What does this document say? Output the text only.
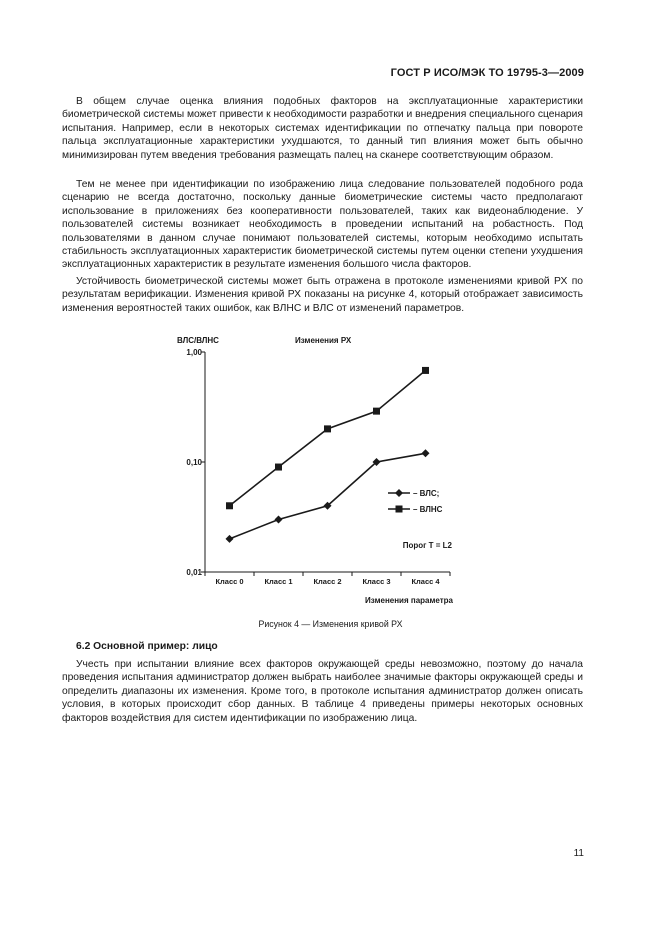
ГОСТ Р ИСО/МЭК ТО 19795-3—2009

В общем случае оценка влияния подобных факторов на эксплуатационные характеристики биометрической системы может привести к необходимости разработки и внедрения специального сценария испытания. Например, если в некоторых системах идентификации по отпечатку пальца при повороте пальца эксплуатационные характеристики ухудшаются, то данный тип влияния может быть обычно минимизирован путем введения требования размещать палец на сканере соответствующим образом.

Тем не менее при идентификации по изображению лица следование пользователей подобного рода сценарию не всегда достаточно, поскольку данные биометрические системы часто предполагают использование в приложениях без кооперативности пользователей, таких как видеонаблюдение. У пользователей системы возникает необходимость в проведении испытаний на робастность. Под пользователями в данном случае понимают пользователей системы, которым необходимо испытать стабильность эксплуатационных характеристик биометрической системы путем оценки степени ухудшения эксплуатационных характеристик в результате изменения большого числа факторов.

Устойчивость биометрической системы может быть отражена в протоколе изменениями кривой РХ по результатам верификации. Изменения кривой РХ показаны на рисунке 4, который отображает зависимость изменения вероятностей таких ошибок, как ВЛНС и ВЛС от изменений параметров.

ВЛС/ВЛНС	Изменения РХ
Изменения параметра
Порог Т = L2
0,01
0,10
1,00
Класс 0	Класс 1	Класс 2	Класс 3	Класс 4
– ВЛС;
– ВЛНС
Рисунок 4 — Изменения кривой РХ
6.2 Основной пример: лицо

Учесть при испытании влияние всех факторов окружающей среды невозможно, поэтому до начала проведения испытания администратор должен выбрать наиболее значимые факторы окружающей среды и определить диапазоны их изменения. Кроме того, в протоколе испытания администратор должен описать условия, в которых происходит сбор данных. В таблице 4 приведены примеры некоторых основных факторов воздействия для систем идентификации по изображению лица.

11
